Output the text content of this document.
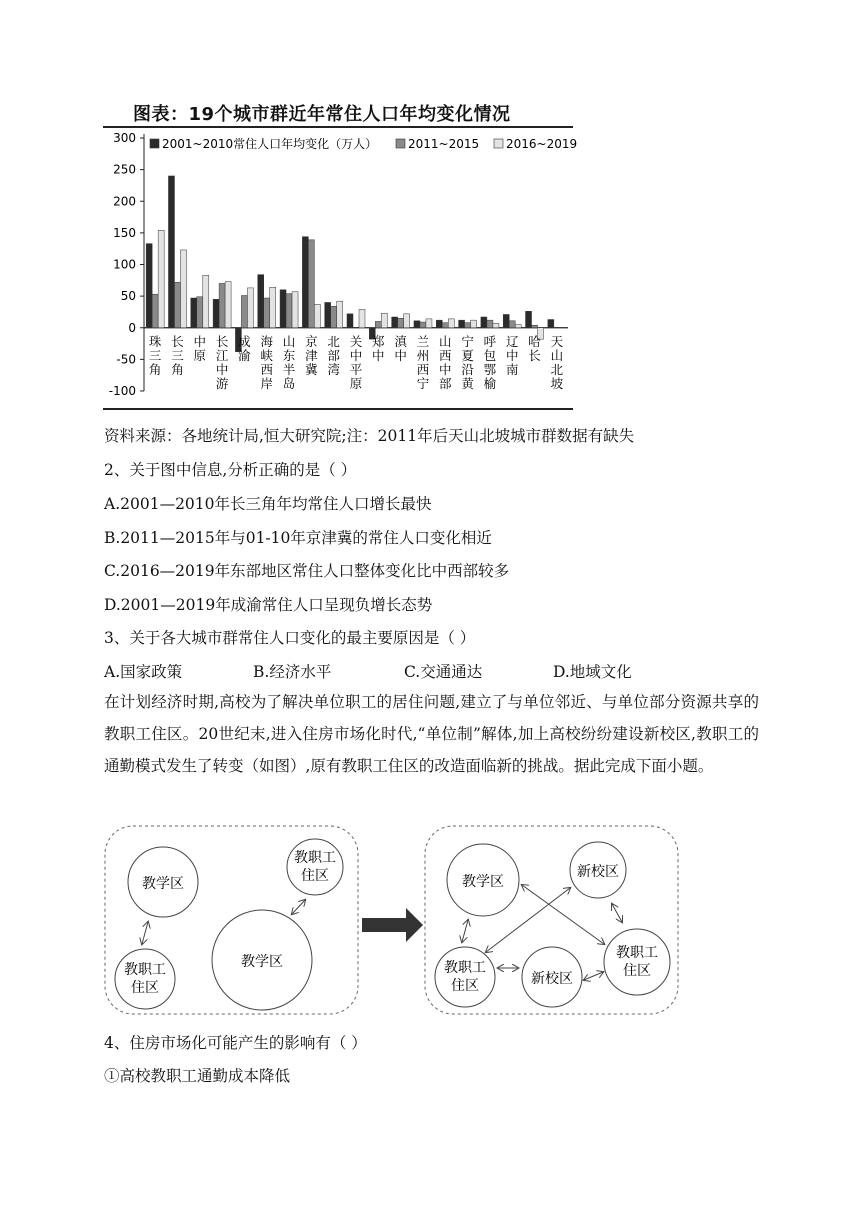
图表：19个城市群近年常住人口年均变化情况
300
250
200
150
100
50
0
-50
-100
2001~2010常住人口年均变化（万人）	2011~2015 2016~2019
珠
三
角
长
三
角
中
原
长
江
中
游
成
渝
海
峡
西
岸
山
东
半
岛
京
津
冀
北
部
湾
关
中
平
原
郑
中
滇
中
兰
州
西
宁
山
西
中
部
宁
夏
沿
黄
呼
包
鄂
榆
辽
中
南
哈
长
天
山
北
坡
资料来源：各地统计局,恒大研究院;注：2011年后天山北坡城市群数据有缺失
2、关于图中信息,分析正确的是（ ）
A.2001—2010年长三角年均常住人口增长最快
B.2011—2015年与01-10年京津冀的常住人口变化相近
C.2016—2019年东部地区常住人口整体变化比中西部较多
D.2001—2019年成渝常住人口呈现负增长态势
3、关于各大城市群常住人口变化的最主要原因是（ ）
A.国家政策	B.经济水平	C.交通通达	D.地域文化
在计划经济时期,高校为了解决单位职工的居住问题,建立了与单位邻近、与单位部分资源共享的教职工住区。20世纪末,进入住房市场化时代,“单位制”解体,加上高校纷纷建设新校区,教职工的通勤模式发生了转变（如图）,原有教职工住区的改造面临新的挑战。据此完成下面小题。
教学区
教职工
住区
教学区
教职工
住区
教学区
新校区
教职工
住区	新校区
教职工
住区
4、住房市场化可能产生的影响有（ ）
①高校教职工通勤成本降低
